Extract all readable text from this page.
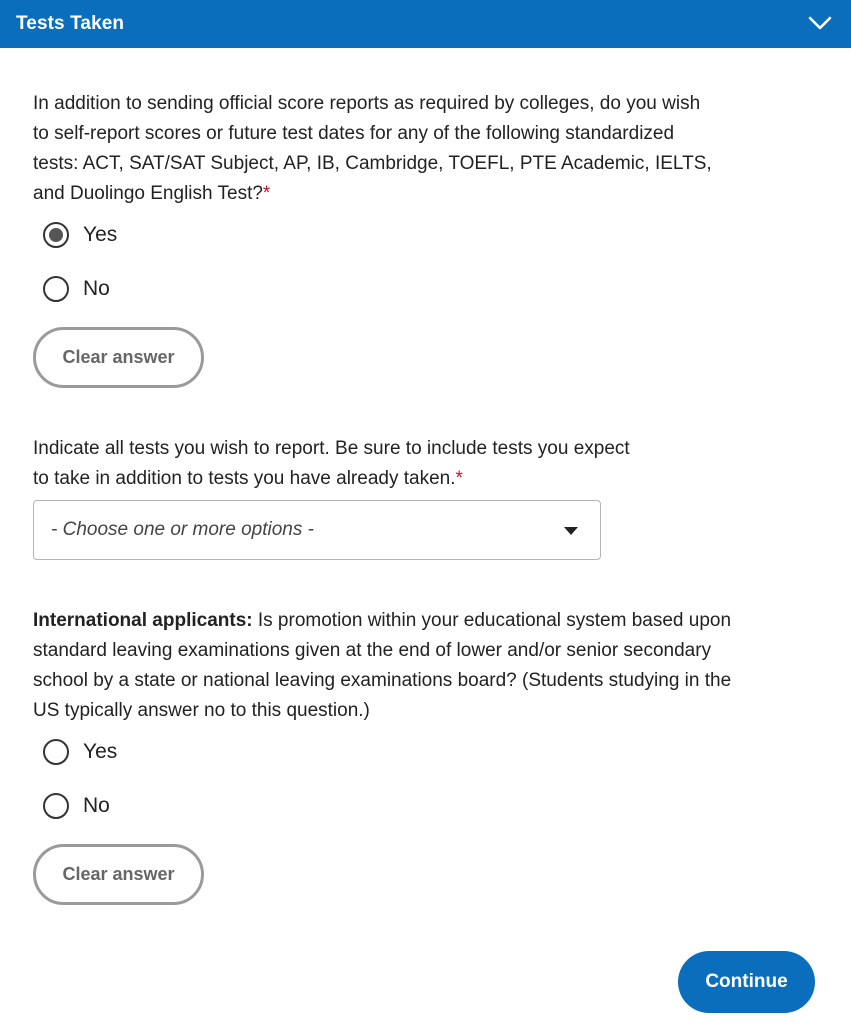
Tests Taken
In addition to sending official score reports as required by colleges, do you wish to self-report scores or future test dates for any of the following standardized tests: ACT, SAT/SAT Subject, AP, IB, Cambridge, TOEFL, PTE Academic, IELTS, and Duolingo English Test?*
Yes
No
Clear answer
Indicate all tests you wish to report. Be sure to include tests you expect to take in addition to tests you have already taken.*
- Choose one or more options -
International applicants: Is promotion within your educational system based upon standard leaving examinations given at the end of lower and/or senior secondary school by a state or national leaving examinations board? (Students studying in the US typically answer no to this question.)
Yes
No
Clear answer
Continue
